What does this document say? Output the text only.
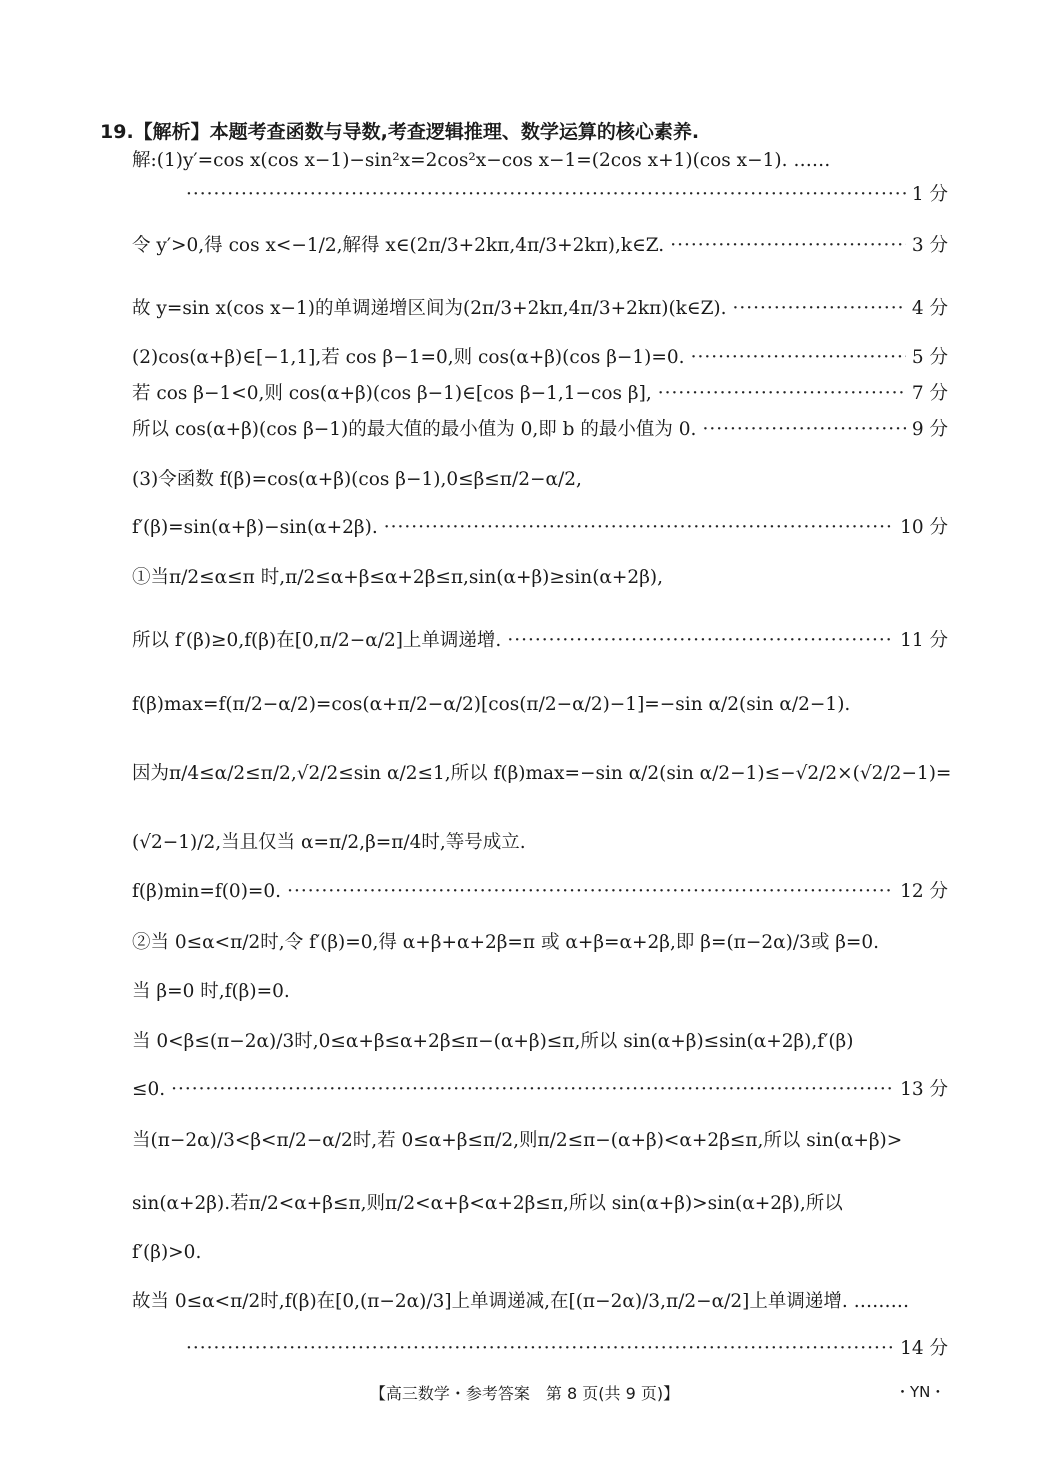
19.【解析】本题考查函数与导数,考查逻辑推理、数学运算的核心素养.
解:(1)y′=cos x(cos x−1)−sin²x=2cos²x−cos x−1=(2cos x+1)(cos x−1). ……
·····
1 分
令 y′>0,得 cos x<−1/2,解得 x∈(2π/3+2kπ,4π/3+2kπ),k∈Z. ·····	3 分
故 y=sin x(cos x−1)的单调递增区间为(2π/3+2kπ,4π/3+2kπ)(k∈Z). ·····	4 分
(2)cos(α+β)∈[−1,1],若 cos β−1=0,则 cos(α+β)(cos β−1)=0. ·····	5 分
若 cos β−1<0,则 cos(α+β)(cos β−1)∈[cos β−1,1−cos β], ·····	7 分
所以 cos(α+β)(cos β−1)的最大值的最小值为 0,即 b 的最小值为 0. ·····	9 分
(3)令函数 f(β)=cos(α+β)(cos β−1),0≤β≤π/2−α/2,
f′(β)=sin(α+β)−sin(α+2β). ·····	10 分
①当π/2≤α≤π 时,π/2≤α+β≤α+2β≤π,sin(α+β)≥sin(α+2β),
所以 f′(β)≥0,f(β)在[0,π/2−α/2]上单调递增. ·····	11 分
f(β)max=f(π/2−α/2)=cos(α+π/2−α/2)[cos(π/2−α/2)−1]=−sin α/2(sin α/2−1).
因为π/4≤α/2≤π/2,√2/2≤sin α/2≤1,所以 f(β)max=−sin α/2(sin α/2−1)≤−√2/2×(√2/2−1)=
(√2−1)/2,当且仅当 α=π/2,β=π/4时,等号成立.
f(β)min=f(0)=0. ·····	12 分
②当 0≤α<π/2时,令 f′(β)=0,得 α+β+α+2β=π 或 α+β=α+2β,即 β=(π−2α)/3或 β=0.
当 β=0 时,f(β)=0.
当 0<β≤(π−2α)/3时,0≤α+β≤α+2β≤π−(α+β)≤π,所以 sin(α+β)≤sin(α+2β),f′(β)
≤0. ·····	13 分
当(π−2α)/3<β<π/2−α/2时,若 0≤α+β≤π/2,则π/2≤π−(α+β)<α+2β≤π,所以 sin(α+β)>
sin(α+2β).若π/2<α+β≤π,则π/2<α+β<α+2β≤π,所以 sin(α+β)>sin(α+2β),所以
f′(β)>0.
故当 0≤α<π/2时,f(β)在[0,(π−2α)/3]上单调递减,在[(π−2α)/3,π/2−α/2]上单调递增. ………
·····
14 分
【高三数学・参考答案　第 8 页(共 9 页)】	・YN・
